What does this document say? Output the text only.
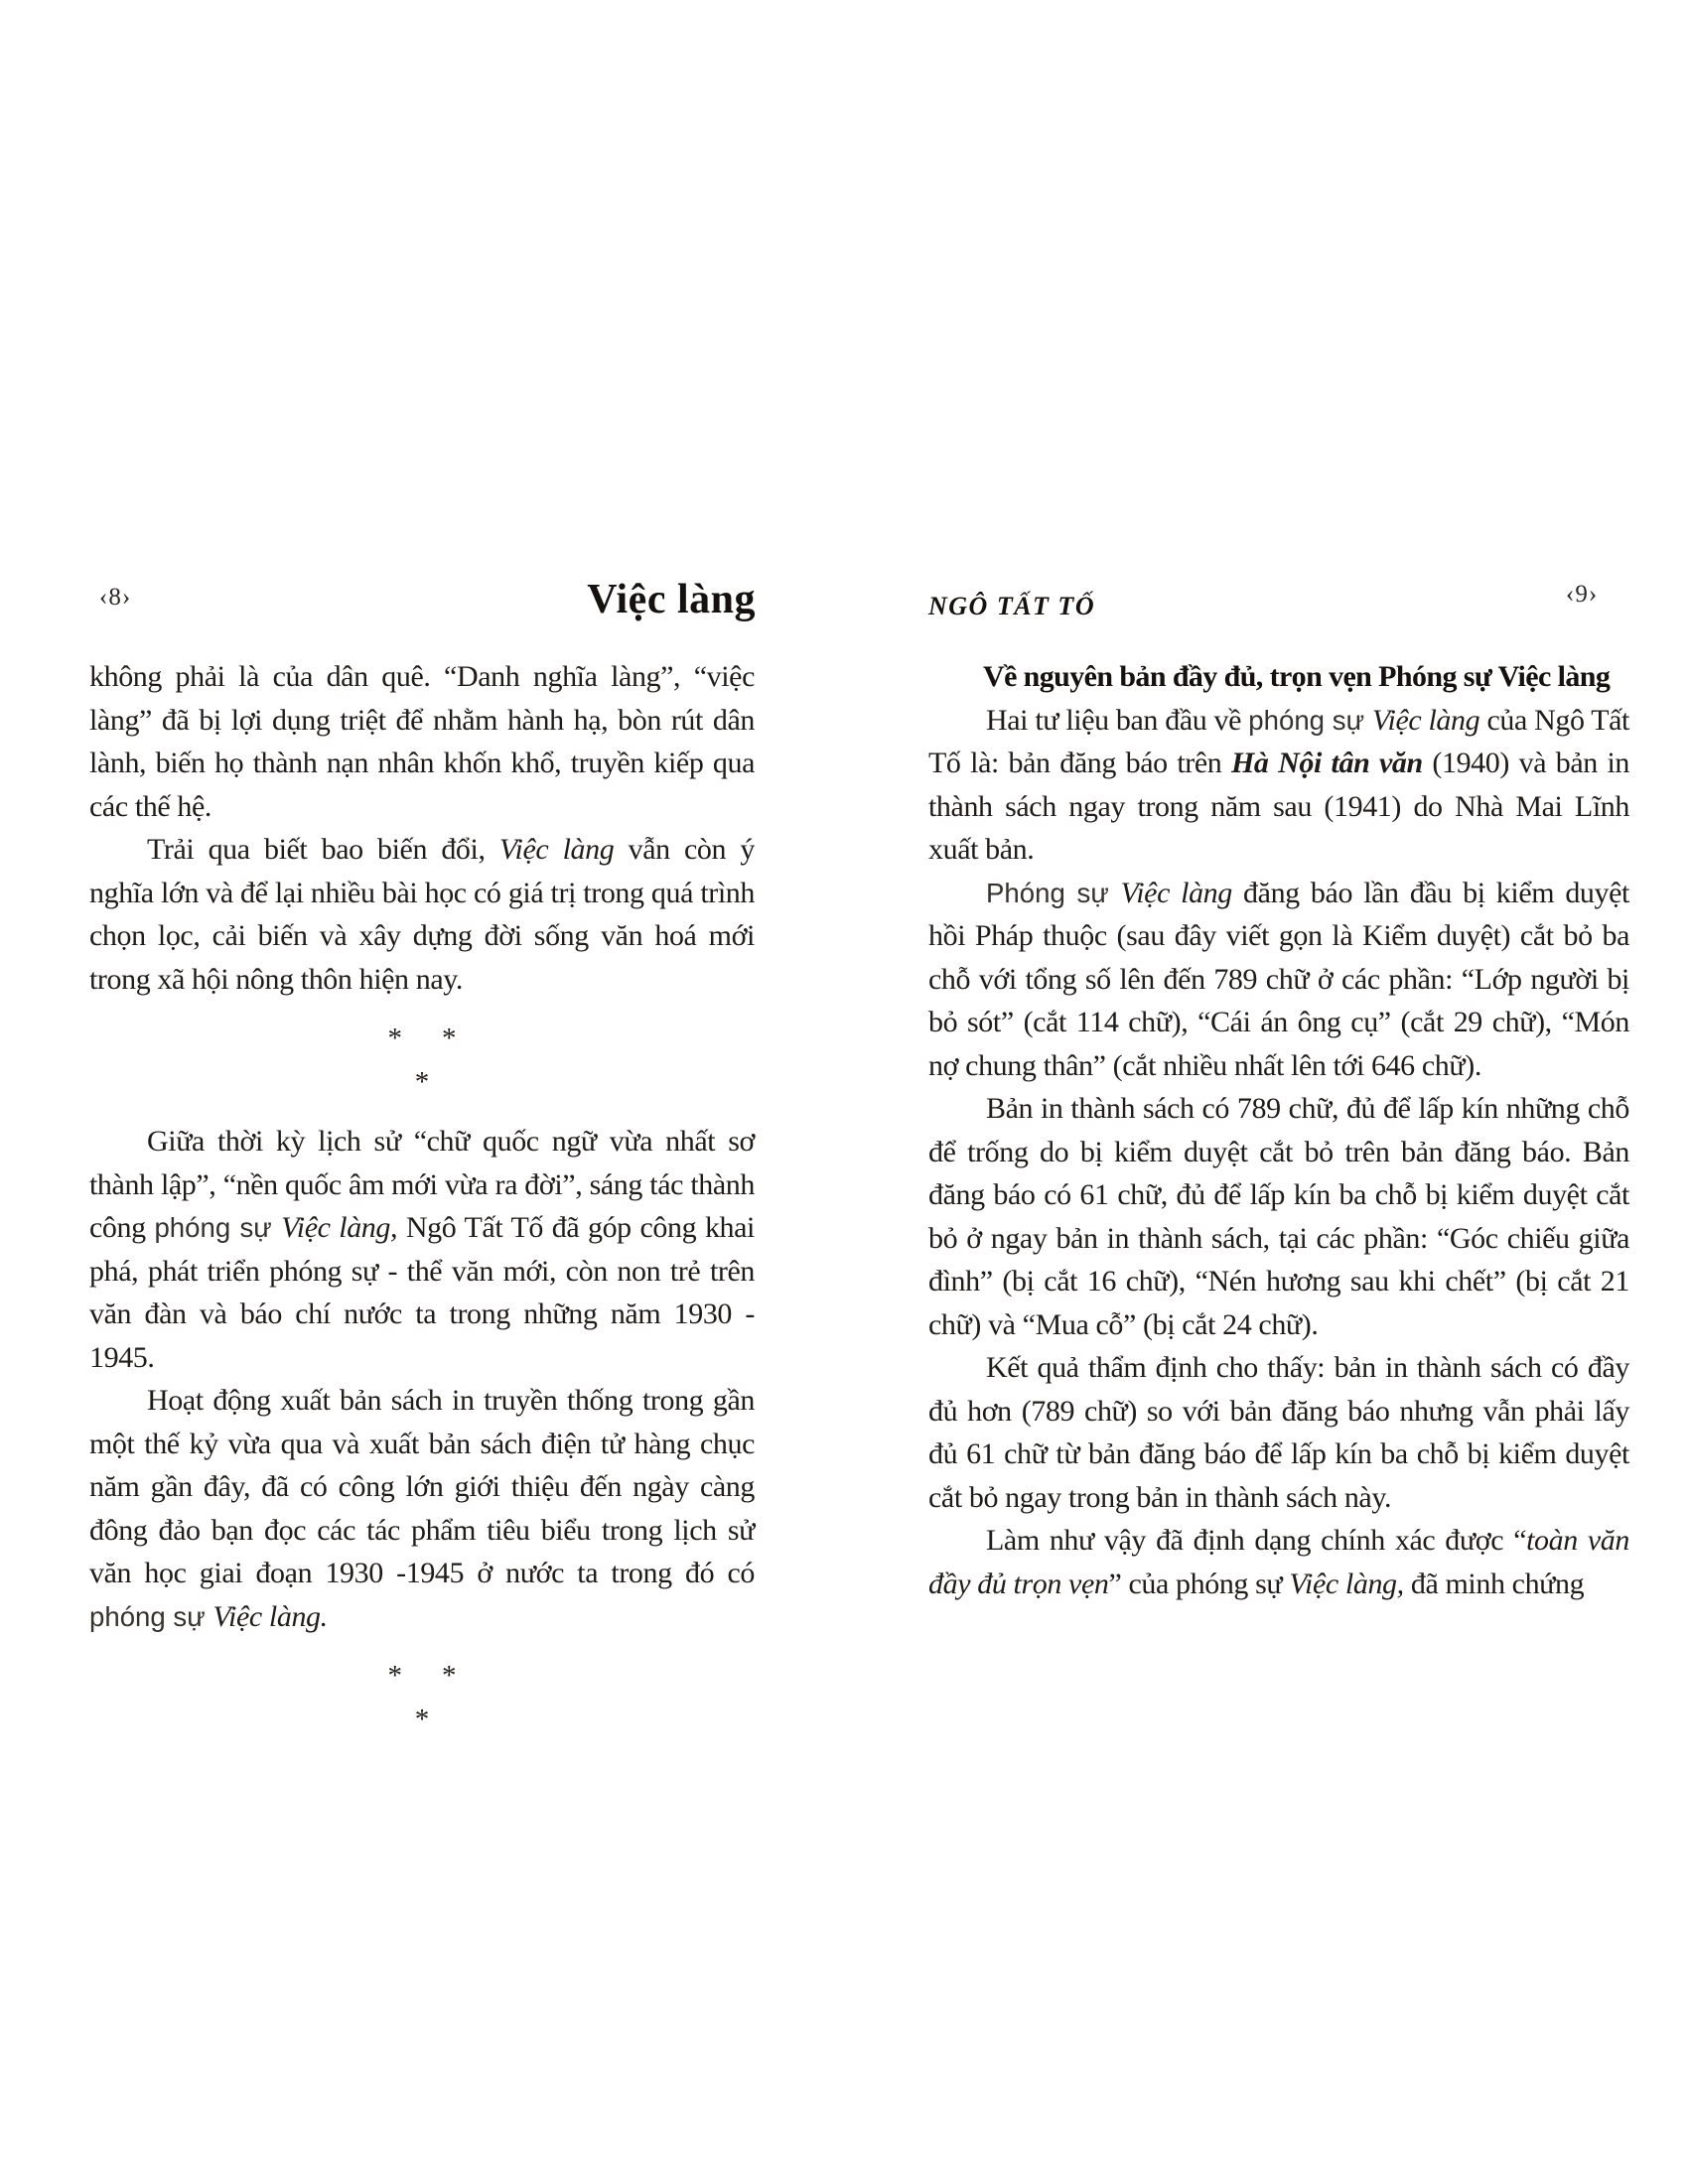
‹8›	Việc làng	NGÔ TẤT TỐ	‹9›

không phải là của dân quê. “Danh nghĩa làng”, “việc làng” đã bị lợi dụng triệt để nhằm hành hạ, bòn rút dân lành, biến họ thành nạn nhân khốn khổ, truyền kiếp qua các thế hệ.

Trải qua biết bao biến đổi, Việc làng vẫn còn ý nghĩa lớn và để lại nhiều bài học có giá trị trong quá trình chọn lọc, cải biến và xây dựng đời sống văn hoá mới trong xã hội nông thôn hiện nay.

* *
*

Giữa thời kỳ lịch sử “chữ quốc ngữ vừa nhất sơ thành lập”, “nền quốc âm mới vừa ra đời”, sáng tác thành công phóng sự Việc làng, Ngô Tất Tố đã góp công khai phá, phát triển phóng sự - thể văn mới, còn non trẻ trên văn đàn và báo chí nước ta trong những năm 1930 - 1945.

Hoạt động xuất bản sách in truyền thống trong gần một thế kỷ vừa qua và xuất bản sách điện tử hàng chục năm gần đây, đã có công lớn giới thiệu đến ngày càng đông đảo bạn đọc các tác phẩm tiêu biểu trong lịch sử văn học giai đoạn 1930 -1945 ở nước ta trong đó có phóng sự Việc làng.

* *
*

Về nguyên bản đầy đủ, trọn vẹn Phóng sự Việc làng

Hai tư liệu ban đầu về phóng sự Việc làng của Ngô Tất Tố là: bản đăng báo trên Hà Nội tân văn (1940) và bản in thành sách ngay trong năm sau (1941) do Nhà Mai Lĩnh xuất bản.

Phóng sự Việc làng đăng báo lần đầu bị kiểm duyệt hồi Pháp thuộc (sau đây viết gọn là Kiểm duyệt) cắt bỏ ba chỗ với tổng số lên đến 789 chữ ở các phần: “Lớp người bị bỏ sót” (cắt 114 chữ), “Cái án ông cụ” (cắt 29 chữ), “Món nợ chung thân” (cắt nhiều nhất lên tới 646 chữ).

Bản in thành sách có 789 chữ, đủ để lấp kín những chỗ để trống do bị kiểm duyệt cắt bỏ trên bản đăng báo. Bản đăng báo có 61 chữ, đủ để lấp kín ba chỗ bị kiểm duyệt cắt bỏ ở ngay bản in thành sách, tại các phần: “Góc chiếu giữa đình” (bị cắt 16 chữ), “Nén hương sau khi chết” (bị cắt 21 chữ) và “Mua cỗ” (bị cắt 24 chữ).

Kết quả thẩm định cho thấy: bản in thành sách có đầy đủ hơn (789 chữ) so với bản đăng báo nhưng vẫn phải lấy đủ 61 chữ từ bản đăng báo để lấp kín ba chỗ bị kiểm duyệt cắt bỏ ngay trong bản in thành sách này.

Làm như vậy đã định dạng chính xác được “toàn văn đầy đủ trọn vẹn” của phóng sự Việc làng, đã minh chứng
